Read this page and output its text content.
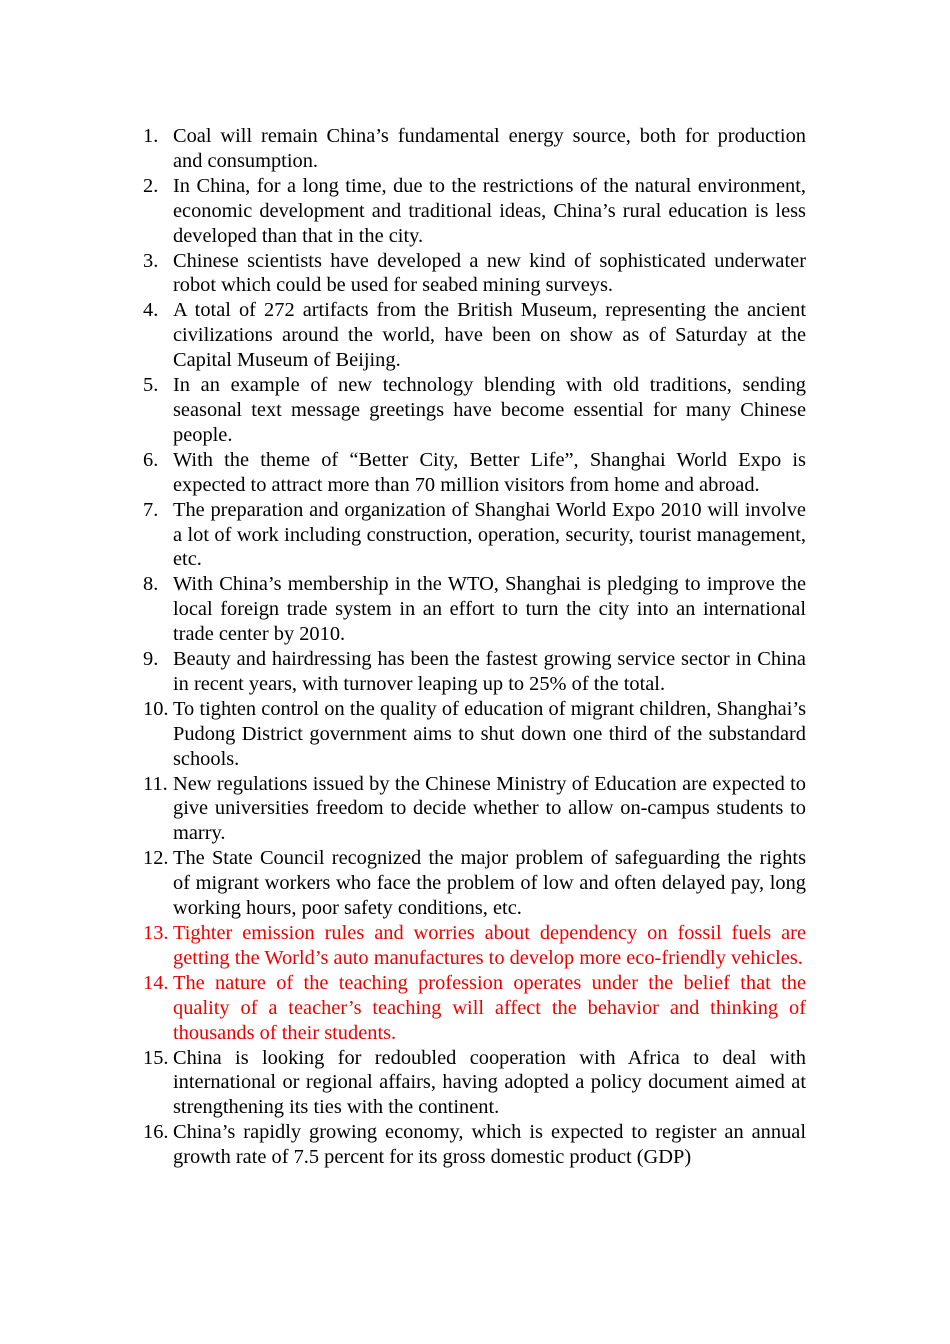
1. Coal will remain China’s fundamental energy source, both for production and consumption.
2. In China, for a long time, due to the restrictions of the natural environment, economic development and traditional ideas, China’s rural education is less developed than that in the city.
3. Chinese scientists have developed a new kind of sophisticated underwater robot which could be used for seabed mining surveys.
4. A total of 272 artifacts from the British Museum, representing the ancient civilizations around the world, have been on show as of Saturday at the Capital Museum of Beijing.
5. In an example of new technology blending with old traditions, sending seasonal text message greetings have become essential for many Chinese people.
6. With the theme of “Better City, Better Life”, Shanghai World Expo is expected to attract more than 70 million visitors from home and abroad.
7. The preparation and organization of Shanghai World Expo 2010 will involve a lot of work including construction, operation, security, tourist management, etc.
8. With China’s membership in the WTO, Shanghai is pledging to improve the local foreign trade system in an effort to turn the city into an international trade center by 2010.
9. Beauty and hairdressing has been the fastest growing service sector in China in recent years, with turnover leaping up to 25% of the total.
10. To tighten control on the quality of education of migrant children, Shanghai’s Pudong District government aims to shut down one third of the substandard schools.
11. New regulations issued by the Chinese Ministry of Education are expected to give universities freedom to decide whether to allow on-campus students to marry.
12. The State Council recognized the major problem of safeguarding the rights of migrant workers who face the problem of low and often delayed pay, long working hours, poor safety conditions, etc.
13. Tighter emission rules and worries about dependency on fossil fuels are getting the World’s auto manufactures to develop more eco-friendly vehicles.
14. The nature of the teaching profession operates under the belief that the quality of a teacher’s teaching will affect the behavior and thinking of thousands of their students.
15. China is looking for redoubled cooperation with Africa to deal with international or regional affairs, having adopted a policy document aimed at strengthening its ties with the continent.
16. China’s rapidly growing economy, which is expected to register an annual growth rate of 7.5 percent for its gross domestic product (GDP)
